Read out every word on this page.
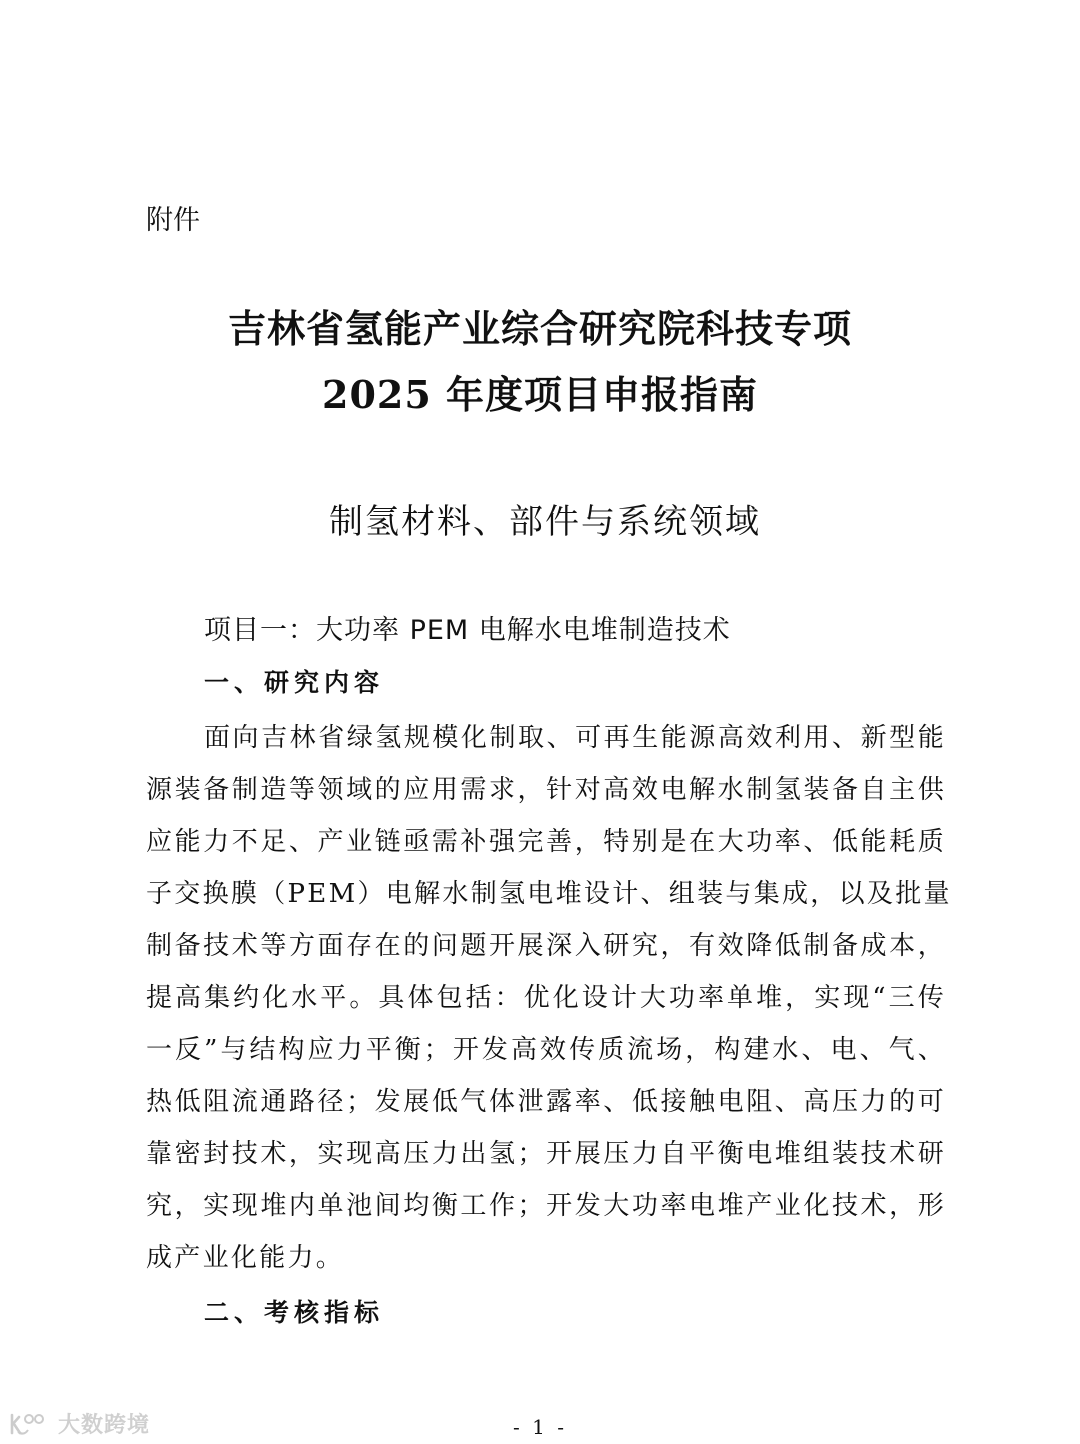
附件
吉林省氢能产业综合研究院科技专项
2025 年度项目申报指南
制氢材料、部件与系统领域
项目一：大功率 PEM 电解水电堆制造技术
一、研究内容
面向吉林省绿氢规模化制取、可再生能源高效利用、新型能
源装备制造等领域的应用需求，针对高效电解水制氢装备自主供
应能力不足、产业链亟需补强完善，特别是在大功率、低能耗质
子交换膜（PEM）电解水制氢电堆设计、组装与集成，以及批量
制备技术等方面存在的问题开展深入研究，有效降低制备成本，
提高集约化水平。具体包括：优化设计大功率单堆，实现“三传
一反”与结构应力平衡；开发高效传质流场，构建水、电、气、
热低阻流通路径；发展低气体泄露率、低接触电阻、高压力的可
靠密封技术，实现高压力出氢；开展压力自平衡电堆组装技术研
究，实现堆内单池间均衡工作；开发大功率电堆产业化技术，形
成产业化能力。
二、考核指标
大数跨境	- 1 -
